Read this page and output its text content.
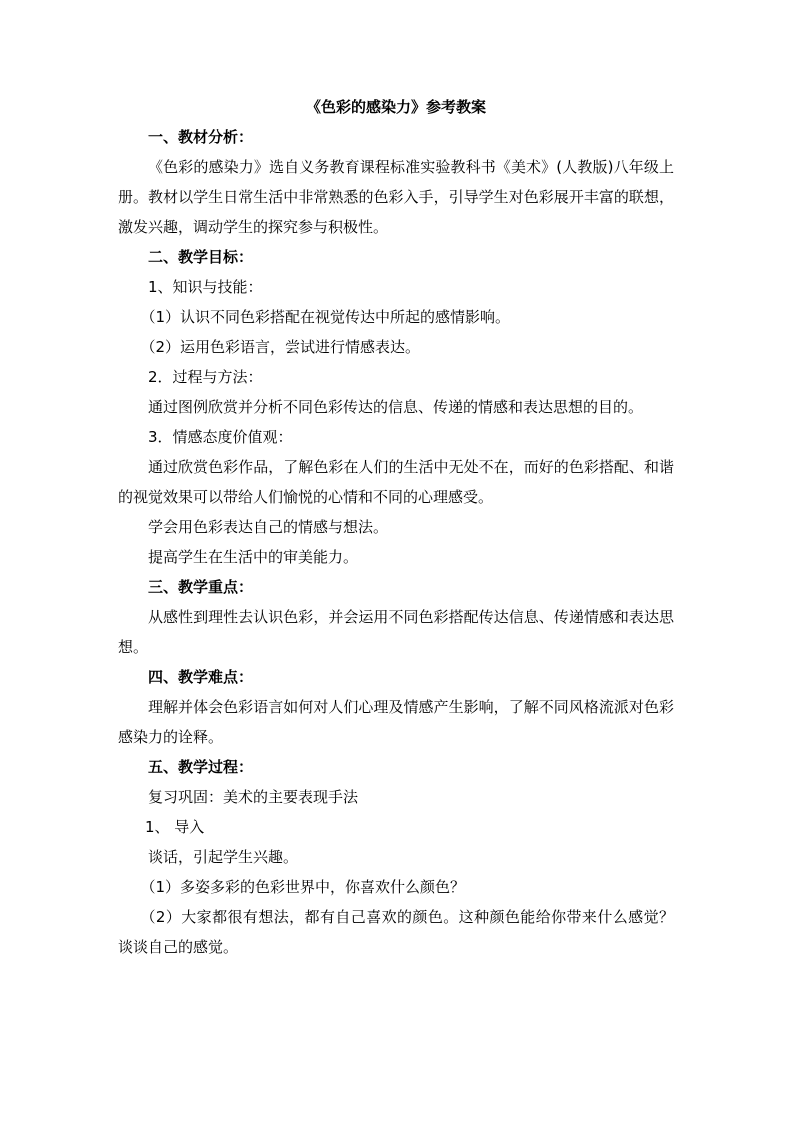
《色彩的感染力》参考教案

一、教材分析：

《色彩的感染力》选自义务教育课程标准实验教科书《美术》(人教版)八年级上册。教材以学生日常生活中非常熟悉的色彩入手，引导学生对色彩展开丰富的联想，激发兴趣，调动学生的探究参与积极性。

二、教学目标：

1、知识与技能：

（1）认识不同色彩搭配在视觉传达中所起的感情影响。

（2）运用色彩语言，尝试进行情感表达。

2．过程与方法：

通过图例欣赏并分析不同色彩传达的信息、传递的情感和表达思想的目的。

3．情感态度价值观：

通过欣赏色彩作品，了解色彩在人们的生活中无处不在，而好的色彩搭配、和谐的视觉效果可以带给人们愉悦的心情和不同的心理感受。

学会用色彩表达自己的情感与想法。

提高学生在生活中的审美能力。

三、教学重点：

从感性到理性去认识色彩，并会运用不同色彩搭配传达信息、传递情感和表达思想。

四、教学难点：

理解并体会色彩语言如何对人们心理及情感产生影响，了解不同风格流派对色彩感染力的诠释。

五、教学过程：

复习巩固：美术的主要表现手法

1、 导入

谈话，引起学生兴趣。

（1）多姿多彩的色彩世界中，你喜欢什么颜色？

（2）大家都很有想法，都有自己喜欢的颜色。这种颜色能给你带来什么感觉？谈谈自己的感觉。
